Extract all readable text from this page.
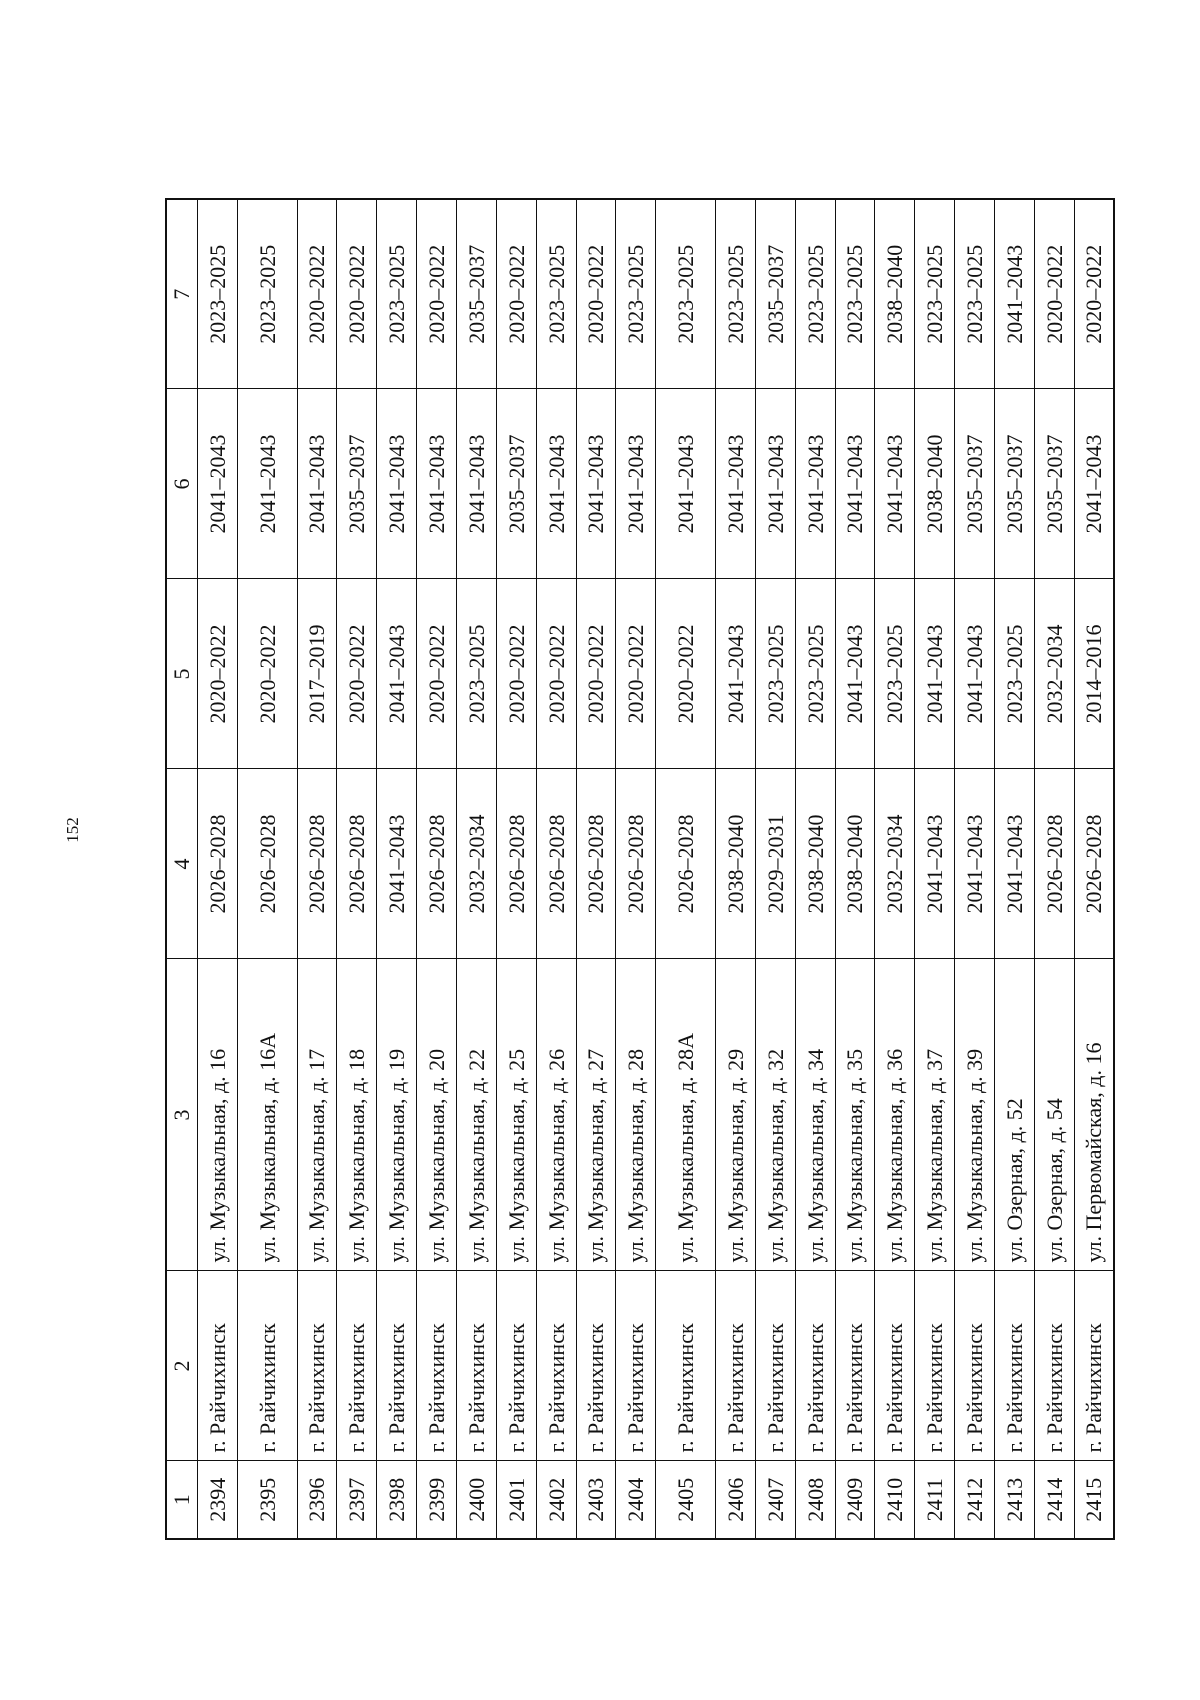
152
1	2	3	4	5	6	7
2394	г. Райчихинск	ул. Музыкальная, д. 16	2026–2028	2020–2022	2041–2043	2023–2025
2395	г. Райчихинск	ул. Музыкальная, д. 16А	2026–2028	2020–2022	2041–2043	2023–2025
2396	г. Райчихинск	ул. Музыкальная, д. 17	2026–2028	2017–2019	2041–2043	2020–2022
2397	г. Райчихинск	ул. Музыкальная, д. 18	2026–2028	2020–2022	2035–2037	2020–2022
2398	г. Райчихинск	ул. Музыкальная, д. 19	2041–2043	2041–2043	2041–2043	2023–2025
2399	г. Райчихинск	ул. Музыкальная, д. 20	2026–2028	2020–2022	2041–2043	2020–2022
2400	г. Райчихинск	ул. Музыкальная, д. 22	2032–2034	2023–2025	2041–2043	2035–2037
2401	г. Райчихинск	ул. Музыкальная, д. 25	2026–2028	2020–2022	2035–2037	2020–2022
2402	г. Райчихинск	ул. Музыкальная, д. 26	2026–2028	2020–2022	2041–2043	2023–2025
2403	г. Райчихинск	ул. Музыкальная, д. 27	2026–2028	2020–2022	2041–2043	2020–2022
2404	г. Райчихинск	ул. Музыкальная, д. 28	2026–2028	2020–2022	2041–2043	2023–2025
2405	г. Райчихинск	ул. Музыкальная, д. 28А	2026–2028	2020–2022	2041–2043	2023–2025
2406	г. Райчихинск	ул. Музыкальная, д. 29	2038–2040	2041–2043	2041–2043	2023–2025
2407	г. Райчихинск	ул. Музыкальная, д. 32	2029–2031	2023–2025	2041–2043	2035–2037
2408	г. Райчихинск	ул. Музыкальная, д. 34	2038–2040	2023–2025	2041–2043	2023–2025
2409	г. Райчихинск	ул. Музыкальная, д. 35	2038–2040	2041–2043	2041–2043	2023–2025
2410	г. Райчихинск	ул. Музыкальная, д. 36	2032–2034	2023–2025	2041–2043	2038–2040
2411	г. Райчихинск	ул. Музыкальная, д. 37	2041–2043	2041–2043	2038–2040	2023–2025
2412	г. Райчихинск	ул. Музыкальная, д. 39	2041–2043	2041–2043	2035–2037	2023–2025
2413	г. Райчихинск	ул. Озерная, д. 52	2041–2043	2023–2025	2035–2037	2041–2043
2414	г. Райчихинск	ул. Озерная, д. 54	2026–2028	2032–2034	2035–2037	2020–2022
2415	г. Райчихинск	ул. Первомайская, д. 16	2026–2028	2014–2016	2041–2043	2020–2022
